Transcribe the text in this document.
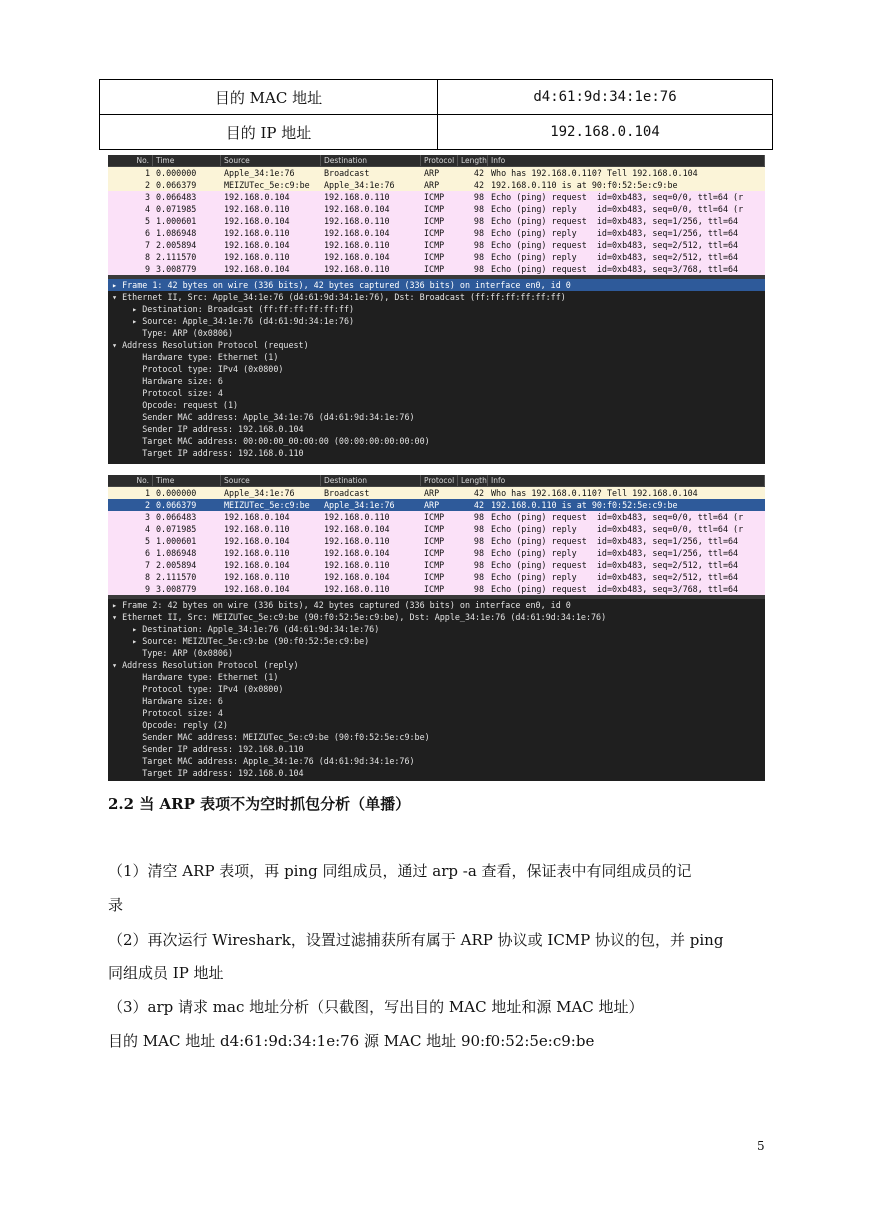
目的 MAC 地址	d4:61:9d:34:1e:76
目的 IP 地址	192.168.0.104
No. Time	Source	Destination	Protocol Length Info
1 0.000000	Apple_34:1e:76	Broadcast	ARP	42 Who has 192.168.0.110? Tell 192.168.0.104
2 0.066379	MEIZUTec_5e:c9:be	Apple_34:1e:76	ARP	42 192.168.0.110 is at 90:f0:52:5e:c9:be
3 0.066483	192.168.0.104	192.168.0.110	ICMP	98 Echo (ping) request  id=0xb483, seq=0/0, ttl=64 (r
4 0.071985	192.168.0.110	192.168.0.104	ICMP	98 Echo (ping) reply    id=0xb483, seq=0/0, ttl=64 (r
5 1.000601	192.168.0.104	192.168.0.110	ICMP	98 Echo (ping) request  id=0xb483, seq=1/256, ttl=64
6 1.086948	192.168.0.110	192.168.0.104	ICMP	98 Echo (ping) reply    id=0xb483, seq=1/256, ttl=64
7 2.005894	192.168.0.104	192.168.0.110	ICMP	98 Echo (ping) request  id=0xb483, seq=2/512, ttl=64
8 2.111570	192.168.0.110	192.168.0.104	ICMP	98 Echo (ping) reply    id=0xb483, seq=2/512, ttl=64
9 3.008779	192.168.0.104	192.168.0.110	ICMP	98 Echo (ping) request  id=0xb483, seq=3/768, ttl=64
▸ Frame 1: 42 bytes on wire (336 bits), 42 bytes captured (336 bits) on interface en0, id 0
▾ Ethernet II, Src: Apple_34:1e:76 (d4:61:9d:34:1e:76), Dst: Broadcast (ff:ff:ff:ff:ff:ff)
▸ Destination: Broadcast (ff:ff:ff:ff:ff:ff)
▸ Source: Apple_34:1e:76 (d4:61:9d:34:1e:76)
Type: ARP (0x0806)
▾ Address Resolution Protocol (request)
Hardware type: Ethernet (1)
Protocol type: IPv4 (0x0800)
Hardware size: 6
Protocol size: 4
Opcode: request (1)
Sender MAC address: Apple_34:1e:76 (d4:61:9d:34:1e:76)
Sender IP address: 192.168.0.104
Target MAC address: 00:00:00_00:00:00 (00:00:00:00:00:00)
Target IP address: 192.168.0.110
No. Time	Source	Destination	Protocol Length Info
1 0.000000	Apple_34:1e:76	Broadcast	ARP	42 Who has 192.168.0.110? Tell 192.168.0.104
2 0.066379	MEIZUTec_5e:c9:be	Apple_34:1e:76	ARP	42 192.168.0.110 is at 90:f0:52:5e:c9:be
3 0.066483	192.168.0.104	192.168.0.110	ICMP	98 Echo (ping) request  id=0xb483, seq=0/0, ttl=64 (r
4 0.071985	192.168.0.110	192.168.0.104	ICMP	98 Echo (ping) reply    id=0xb483, seq=0/0, ttl=64 (r
5 1.000601	192.168.0.104	192.168.0.110	ICMP	98 Echo (ping) request  id=0xb483, seq=1/256, ttl=64
6 1.086948	192.168.0.110	192.168.0.104	ICMP	98 Echo (ping) reply    id=0xb483, seq=1/256, ttl=64
7 2.005894	192.168.0.104	192.168.0.110	ICMP	98 Echo (ping) request  id=0xb483, seq=2/512, ttl=64
8 2.111570	192.168.0.110	192.168.0.104	ICMP	98 Echo (ping) reply    id=0xb483, seq=2/512, ttl=64
9 3.008779	192.168.0.104	192.168.0.110	ICMP	98 Echo (ping) request  id=0xb483, seq=3/768, ttl=64
▸ Frame 2: 42 bytes on wire (336 bits), 42 bytes captured (336 bits) on interface en0, id 0
▾ Ethernet II, Src: MEIZUTec_5e:c9:be (90:f0:52:5e:c9:be), Dst: Apple_34:1e:76 (d4:61:9d:34:1e:76)
▸ Destination: Apple_34:1e:76 (d4:61:9d:34:1e:76)
▸ Source: MEIZUTec_5e:c9:be (90:f0:52:5e:c9:be)
Type: ARP (0x0806)
▾ Address Resolution Protocol (reply)
Hardware type: Ethernet (1)
Protocol type: IPv4 (0x0800)
Hardware size: 6
Protocol size: 4
Opcode: reply (2)
Sender MAC address: MEIZUTec_5e:c9:be (90:f0:52:5e:c9:be)
Sender IP address: 192.168.0.110
Target MAC address: Apple_34:1e:76 (d4:61:9d:34:1e:76)
Target IP address: 192.168.0.104
2.2 当 ARP 表项不为空时抓包分析（单播）
（1）清空 ARP 表项，再 ping 同组成员，通过 arp -a 查看，保证表中有同组成员的记
录
（2）再次运行 Wireshark，设置过滤捕获所有属于 ARP 协议或 ICMP 协议的包，并 ping
同组成员 IP 地址
（3）arp 请求 mac 地址分析（只截图，写出目的 MAC 地址和源 MAC 地址）
目的 MAC 地址 d4:61:9d:34:1e:76 源 MAC 地址 90:f0:52:5e:c9:be
5
